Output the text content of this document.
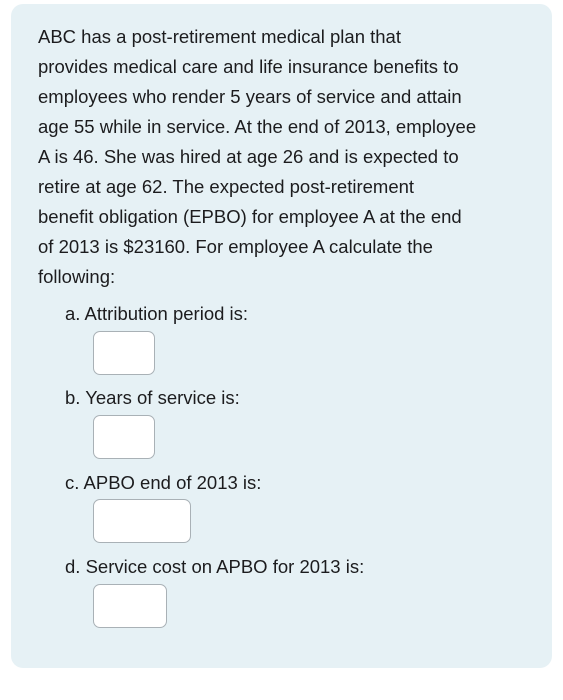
ABC has a post-retirement medical plan that
provides medical care and life insurance benefits to
employees who render 5 years of service and attain
age 55 while in service. At the end of 2013, employee
A is 46. She was hired at age 26 and is expected to
retire at age 62. The expected post-retirement
benefit obligation (EPBO) for employee A at the end
of 2013 is $23160. For employee A calculate the
following:
a. Attribution period is:
b. Years of service is:
c. APBO end of 2013 is:
d. Service cost on APBO for 2013 is:
